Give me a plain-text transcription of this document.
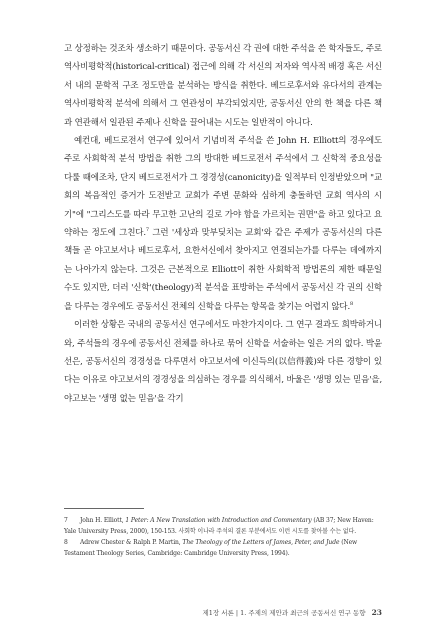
고 상정하는 것조차 생소하기 때문이다. 공동서신 각 권에 대한 주석을 쓴 학자들도, 주로 역사비평학적(historical-critical) 접근에 의해 각 서신의 저자와 역사적 배경 혹은 서신서 내의 문학적 구조 정도만을 분석하는 방식을 취한다. 베드로후서와 유다서의 관계는 역사비평학적 분석에 의해서 그 연관성이 부각되었지만, 공동서신 안의 한 책을 다른 책과 연관해서 일관된 주제나 신학을 끌어내는 시도는 일반적이 아니다.

예컨대, 베드로전서 연구에 있어서 기념비적 주석을 쓴 John H. Elliott의 경우에도 주로 사회학적 분석 방법을 취한 그의 방대한 베드로전서 주석에서 그 신학적 중요성을 다룰 때에조차, 단지 베드로전서가 그 경경성(canonicity)을 일적부터 인정받았으며 "교회의 복음적인 증거가 도전받고 교회가 주변 문화와 심하게 충돌하던 교회 역사의 시기"에 "그리스도를 따라 무고한 고난의 길로 가야 함을 가르치는 권면"을 하고 있다고 요약하는 정도에 그친다.$^7$ 그런 '세상과 맞부딪치는 교회'와 같은 주제가 공동서신의 다른 책들 곧 야고보서나 베드로후서, 요한서신에서 찾아지고 연결되는가를 다루는 데에까지는 나아가지 않는다. 그것은 근본적으로 Elliott이 취한 사회학적 방법론의 제한 때문일 수도 있지만, 더러 '신학'(theology)적 분석을 표방하는 주석에서 공동서신 각 권의 신학을 다루는 경우에도 공동서신 전체의 신학을 다루는 항목을 찾기는 어렵지 않다.$^8$

이러한 상황은 국내의 공동서신 연구에서도 마찬가지이다. 그 연구 결과도 희박하거니와, 주석들의 경우에 공동서신 전체를 하나로 묶어 신학을 서술하는 일은 거의 없다. 박윤선은, 공동서신의 경경성을 다루면서 야고보서에 이신득의(以信得義)와 다른 경향이 있다는 이유로 야고보서의 경경성을 의심하는 경우를 의식해서, 바울은 '생명 있는 믿음'을, 야고보는 '생명 없는 믿음'을 각기

7 John H. Elliott, 1 Peter: A New Translation with Introduction and Commentary (AB 37; New Haven: Yale University Press, 2000), 150-153. 사회학 이나라 주석의 결론 부분에서도 이런 시도를 찾아볼 수는 없다.

8 Adrew Chester & Ralph P. Martin, The Theology of the Letters of James, Peter, and Jude (New Testament Theology Series, Cambridge: Cambridge University Press, 1994).

제1장 서론 | 1. 주제의 제안과 최근의 공동서신 연구 동향 23
